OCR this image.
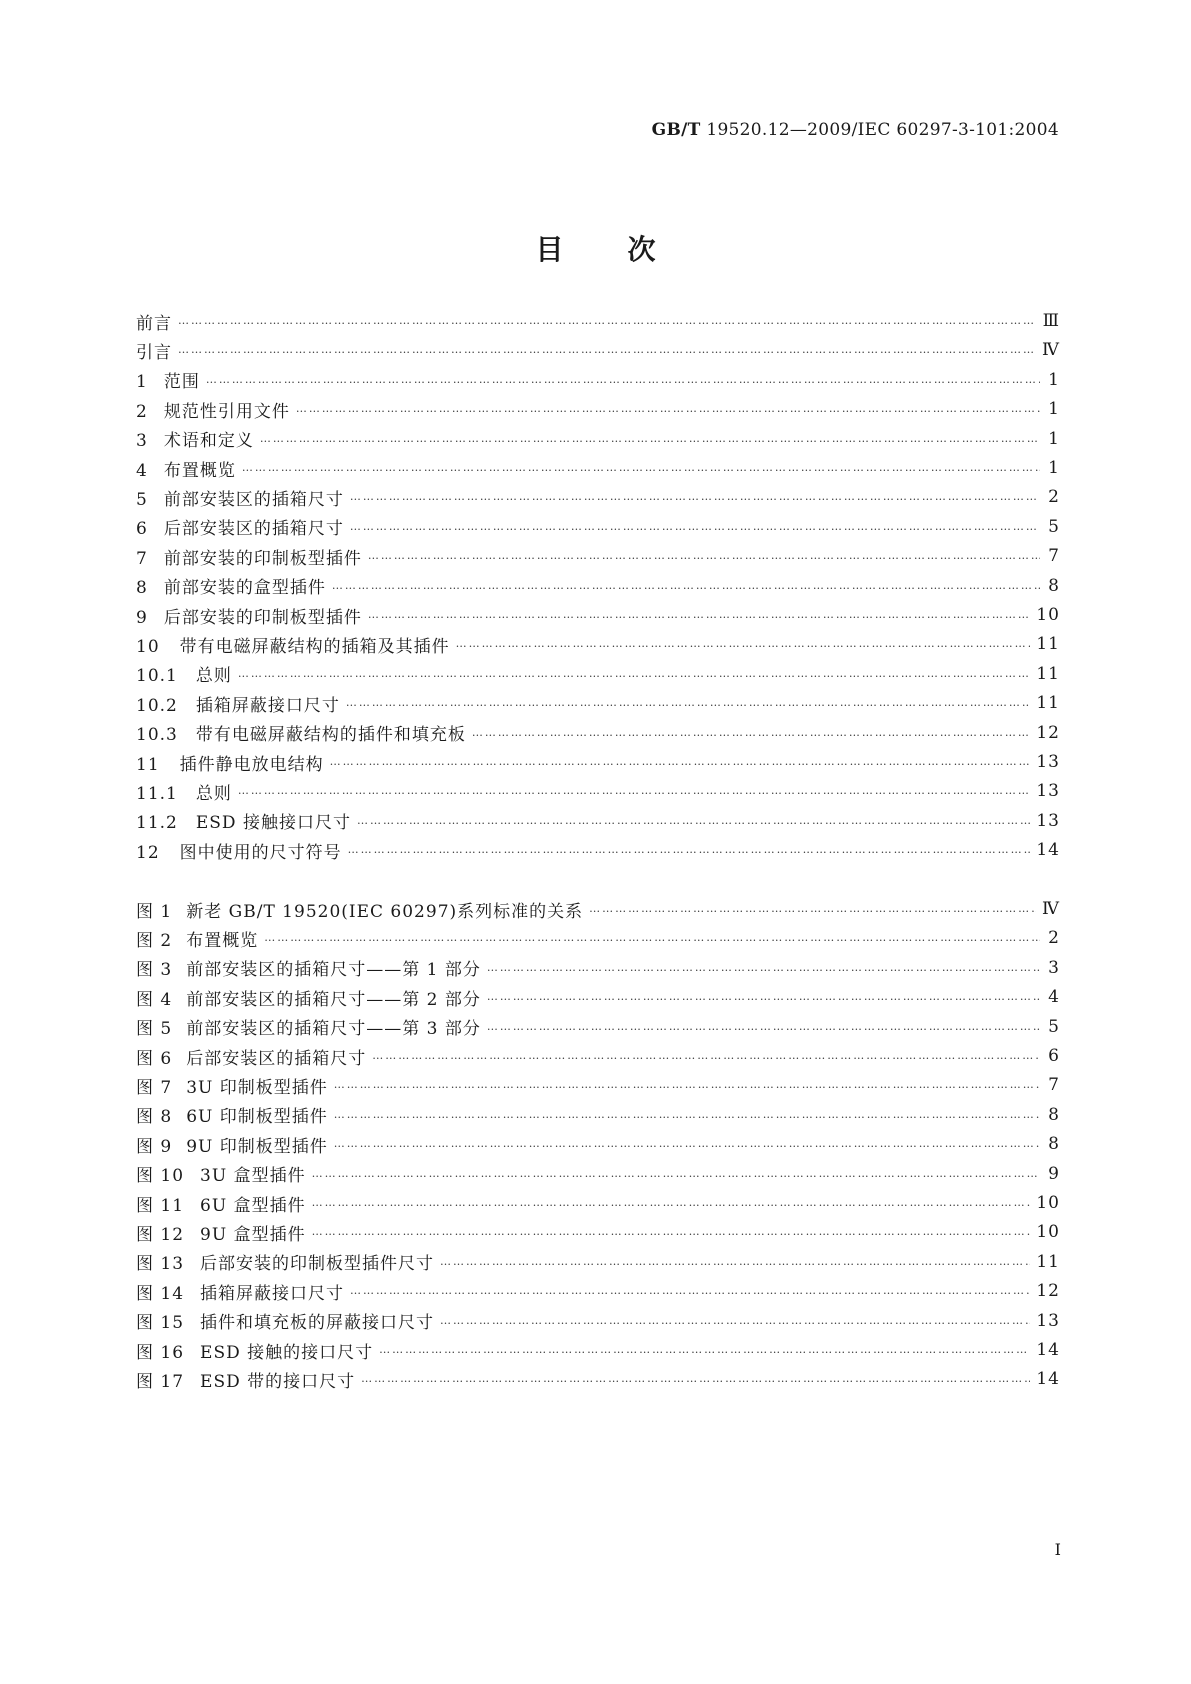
GB/T 19520.12—2009/IEC 60297-3-101:2004
目次
前言 …………………………………………………………………………………………………………………………………………………………………………………………………………………………………………	Ⅲ
引言 …………………………………………………………………………………………………………………………………………………………………………………………………………………………………………	Ⅳ
1 范围 …………………………………………………………………………………………………………………………………………………………………………………………………………………………………………	1
2 规范性引用文件 …………………………………………………………………………………………………………………………………………………………………………………………………………………………………………	1
3 术语和定义 …………………………………………………………………………………………………………………………………………………………………………………………………………………………………………	1
4 布置概览 …………………………………………………………………………………………………………………………………………………………………………………………………………………………………………	1
5 前部安装区的插箱尺寸 …………………………………………………………………………………………………………………………………………………………………………………………………………………………………………	2
6 后部安装区的插箱尺寸 …………………………………………………………………………………………………………………………………………………………………………………………………………………………………………	5
7 前部安装的印制板型插件 …………………………………………………………………………………………………………………………………………………………………………………………………………………………………………	7
8 前部安装的盒型插件 …………………………………………………………………………………………………………………………………………………………………………………………………………………………………………	8
9 后部安装的印制板型插件 …………………………………………………………………………………………………………………………………………………………………………………………………………………………………………	10
10 带有电磁屏蔽结构的插箱及其插件 …………………………………………………………………………………………………………………………………………………………………………………………………………………………………………	11
10.1 总则 …………………………………………………………………………………………………………………………………………………………………………………………………………………………………………	11
10.2 插箱屏蔽接口尺寸 …………………………………………………………………………………………………………………………………………………………………………………………………………………………………………	11
10.3 带有电磁屏蔽结构的插件和填充板 …………………………………………………………………………………………………………………………………………………………………………………………………………………………………………	12
11 插件静电放电结构 …………………………………………………………………………………………………………………………………………………………………………………………………………………………………………	13
11.1 总则 …………………………………………………………………………………………………………………………………………………………………………………………………………………………………………	13
11.2 ESD 接触接口尺寸 …………………………………………………………………………………………………………………………………………………………………………………………………………………………………………	13
12 图中使用的尺寸符号 …………………………………………………………………………………………………………………………………………………………………………………………………………………………………………	14
图 1 新老 GB/T 19520(IEC 60297)系列标准的关系 …………………………………………………………………………………………………………………………………………………………………………………………………………………………………………	Ⅳ
图 2 布置概览 …………………………………………………………………………………………………………………………………………………………………………………………………………………………………………	2
图 3 前部安装区的插箱尺寸——第 1 部分 …………………………………………………………………………………………………………………………………………………………………………………………………………………………………………	3
图 4 前部安装区的插箱尺寸——第 2 部分 …………………………………………………………………………………………………………………………………………………………………………………………………………………………………………	4
图 5 前部安装区的插箱尺寸——第 3 部分 …………………………………………………………………………………………………………………………………………………………………………………………………………………………………………	5
图 6 后部安装区的插箱尺寸 …………………………………………………………………………………………………………………………………………………………………………………………………………………………………………	6
图 7 3U 印制板型插件 …………………………………………………………………………………………………………………………………………………………………………………………………………………………………………	7
图 8 6U 印制板型插件 …………………………………………………………………………………………………………………………………………………………………………………………………………………………………………	8
图 9 9U 印制板型插件 …………………………………………………………………………………………………………………………………………………………………………………………………………………………………………	8
图 10 3U 盒型插件 …………………………………………………………………………………………………………………………………………………………………………………………………………………………………………	9
图 11 6U 盒型插件 …………………………………………………………………………………………………………………………………………………………………………………………………………………………………………	10
图 12 9U 盒型插件 …………………………………………………………………………………………………………………………………………………………………………………………………………………………………………	10
图 13 后部安装的印制板型插件尺寸 …………………………………………………………………………………………………………………………………………………………………………………………………………………………………………	11
图 14 插箱屏蔽接口尺寸 …………………………………………………………………………………………………………………………………………………………………………………………………………………………………………	12
图 15 插件和填充板的屏蔽接口尺寸 …………………………………………………………………………………………………………………………………………………………………………………………………………………………………………	13
图 16 ESD 接触的接口尺寸 …………………………………………………………………………………………………………………………………………………………………………………………………………………………………………	14
图 17 ESD 带的接口尺寸 …………………………………………………………………………………………………………………………………………………………………………………………………………………………………………	14
I
